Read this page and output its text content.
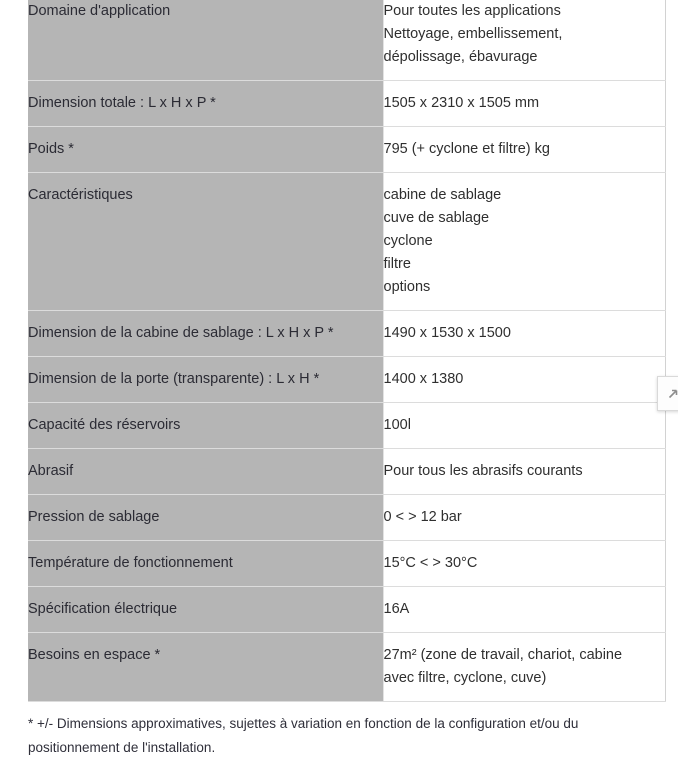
Domaine d'application	Pour toutes les applications
Nettoyage, embellissement,
dépolissage, ébavurage

Dimension totale : L x H x P *	1505 x 2310 x 1505 mm

Poids *	795 (+ cyclone et filtre) kg

Caractéristiques	cabine de sablage
cuve de sablage
cyclone
filtre
options

Dimension de la cabine de sablage : L x H x P *	1490 x 1530 x 1500

Dimension de la porte (transparente) : L x H *	1400 x 1380

Capacité des réservoirs	100l

Abrasif	Pour tous les abrasifs courants

Pression de sablage	0 < > 12 bar

Température de fonctionnement	15°C < > 30°C

Spécification électrique	16A

Besoins en espace *	27m² (zone de travail, chariot, cabine
avec filtre, cyclone, cuve)
* +/- Dimensions approximatives, sujettes à variation en fonction de la configuration et/ou du
positionnement de l'installation.
